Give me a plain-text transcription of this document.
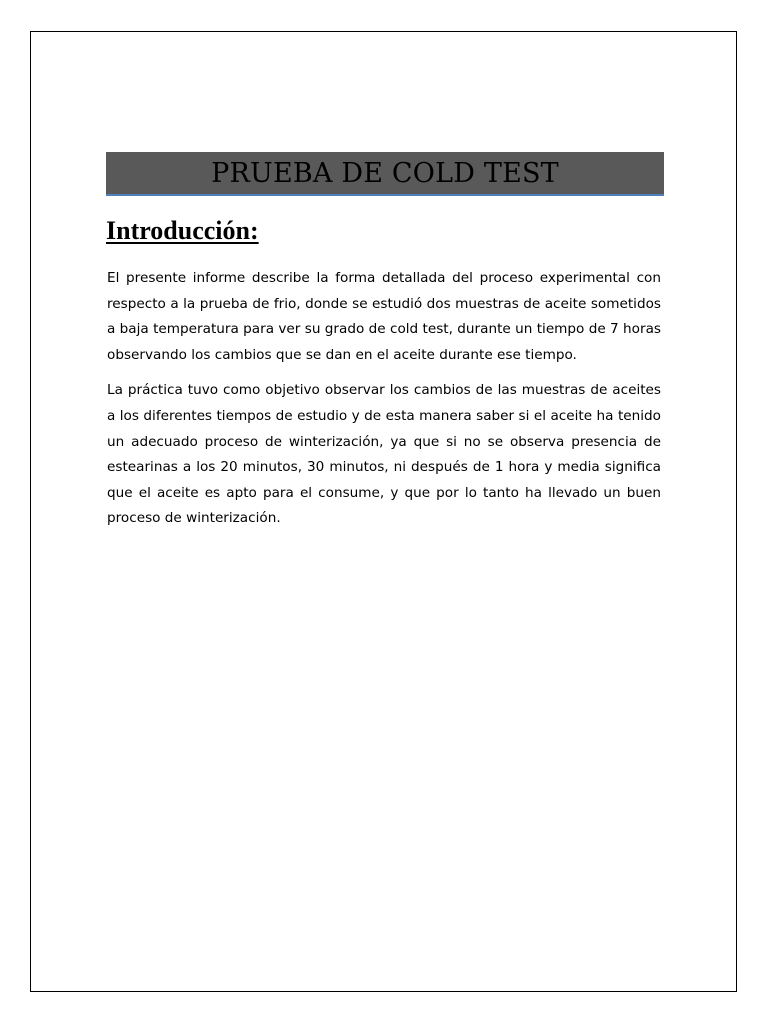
PRUEBA DE COLD TEST
Introducción:

El presente informe describe la forma detallada del proceso experimental con respecto a la prueba de frio, donde se estudió dos muestras de aceite sometidos a baja temperatura para ver su grado de cold test, durante un tiempo de 7 horas observando los cambios que se dan en el aceite durante ese tiempo.

La práctica tuvo como objetivo observar los cambios de las muestras de aceites a los diferentes tiempos de estudio y de esta manera saber si el aceite ha tenido un adecuado proceso de winterización, ya que si no se observa presencia de estearinas a los 20 minutos, 30 minutos, ni después de 1 hora y media significa que el aceite es apto para el consume, y que por lo tanto ha llevado un buen proceso de winterización.
